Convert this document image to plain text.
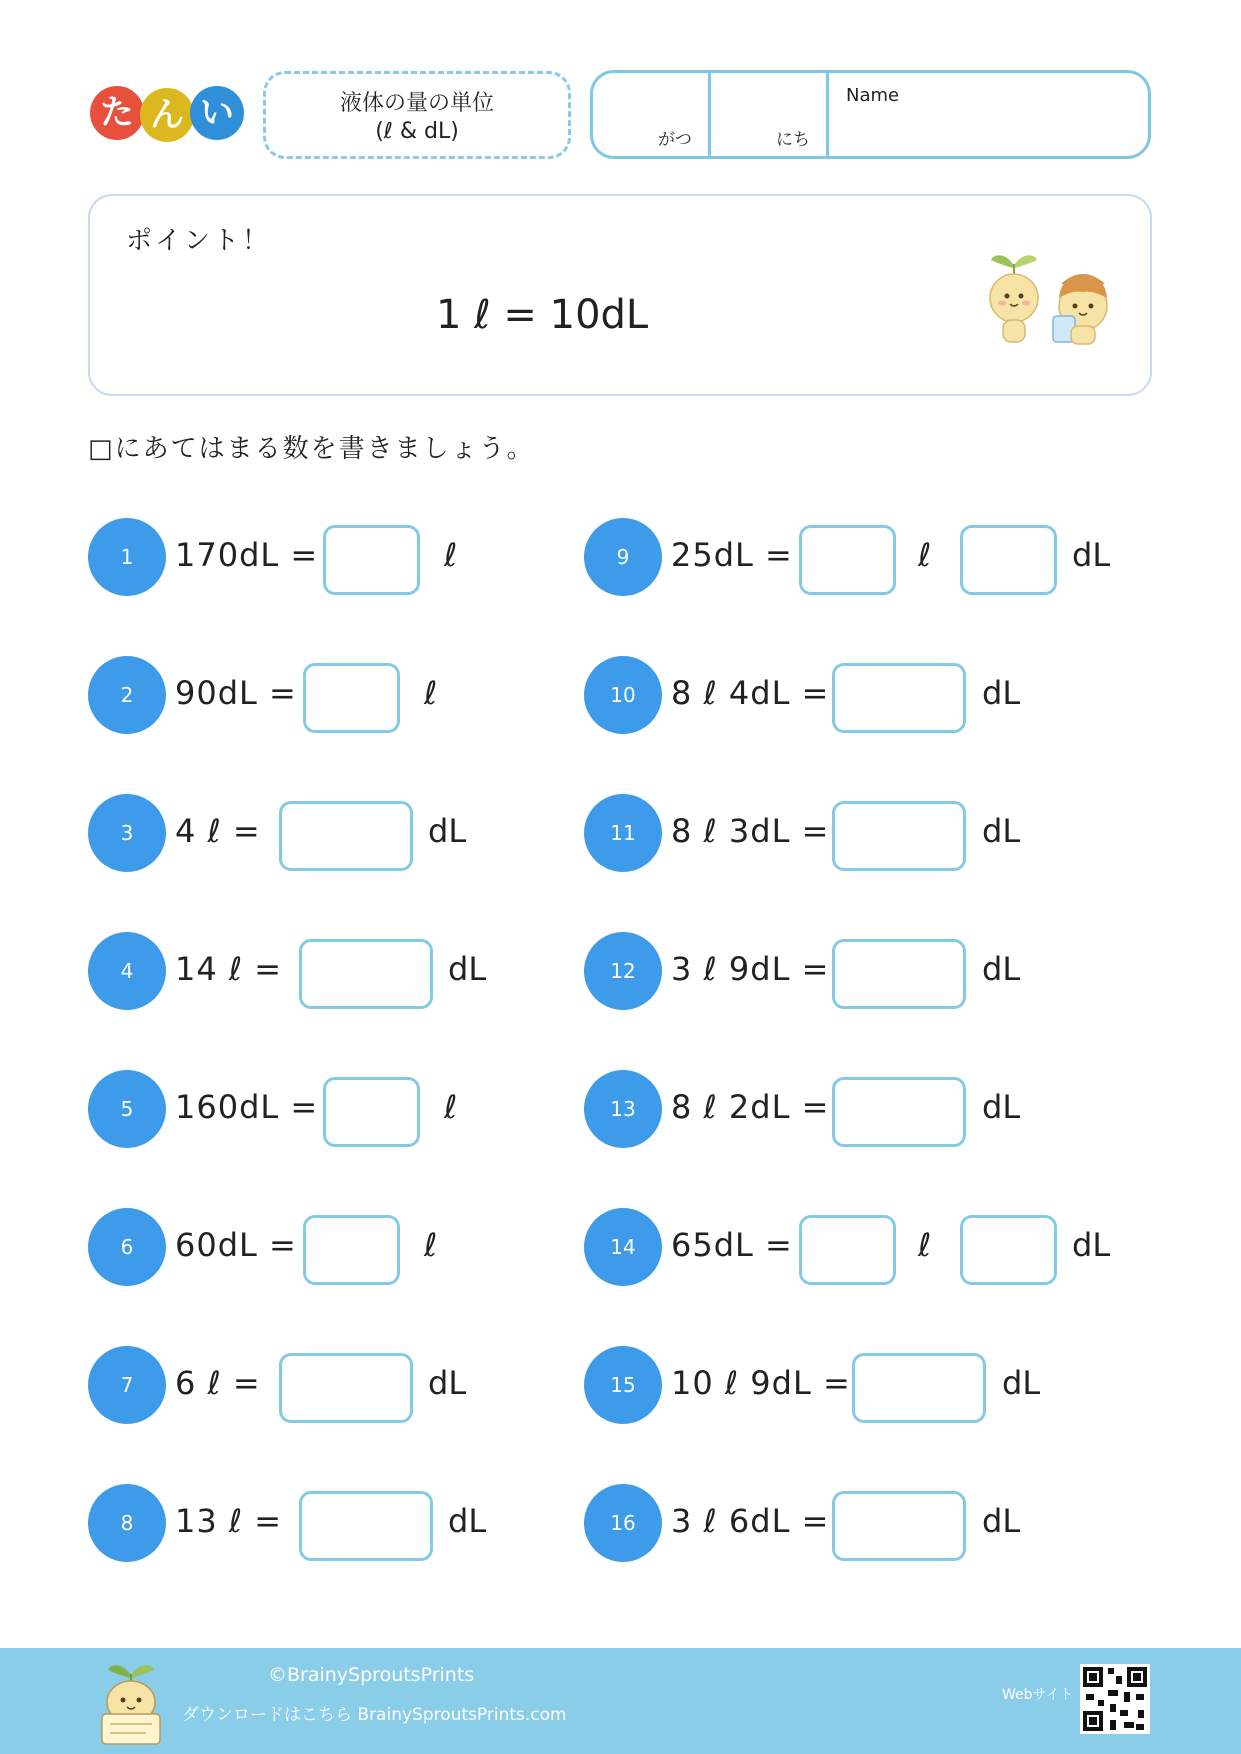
た ん い	液体の量の単位
(ℓ & dL)	がつ	にち
Name
ポイント！
1 ℓ = 10dL
□にあてはまる数を書きましょう。
1	170dL =	ℓ
2	90dL =	ℓ
3	4 ℓ =	dL
4	14 ℓ =	dL
5	160dL =	ℓ
6	60dL =	ℓ
7	6 ℓ =	dL
8	13 ℓ =	dL
9	25dL =	ℓ	dL
10	8 ℓ 4dL =	dL
11	8 ℓ 3dL =	dL
12	3 ℓ 9dL =	dL
13	8 ℓ 2dL =	dL
14	65dL =	ℓ	dL
15	10 ℓ 9dL =	dL
16	3 ℓ 6dL =	dL
©BrainySproutsPrints
ダウンロードはこちら BrainySproutsPrints.com
Webサイト
